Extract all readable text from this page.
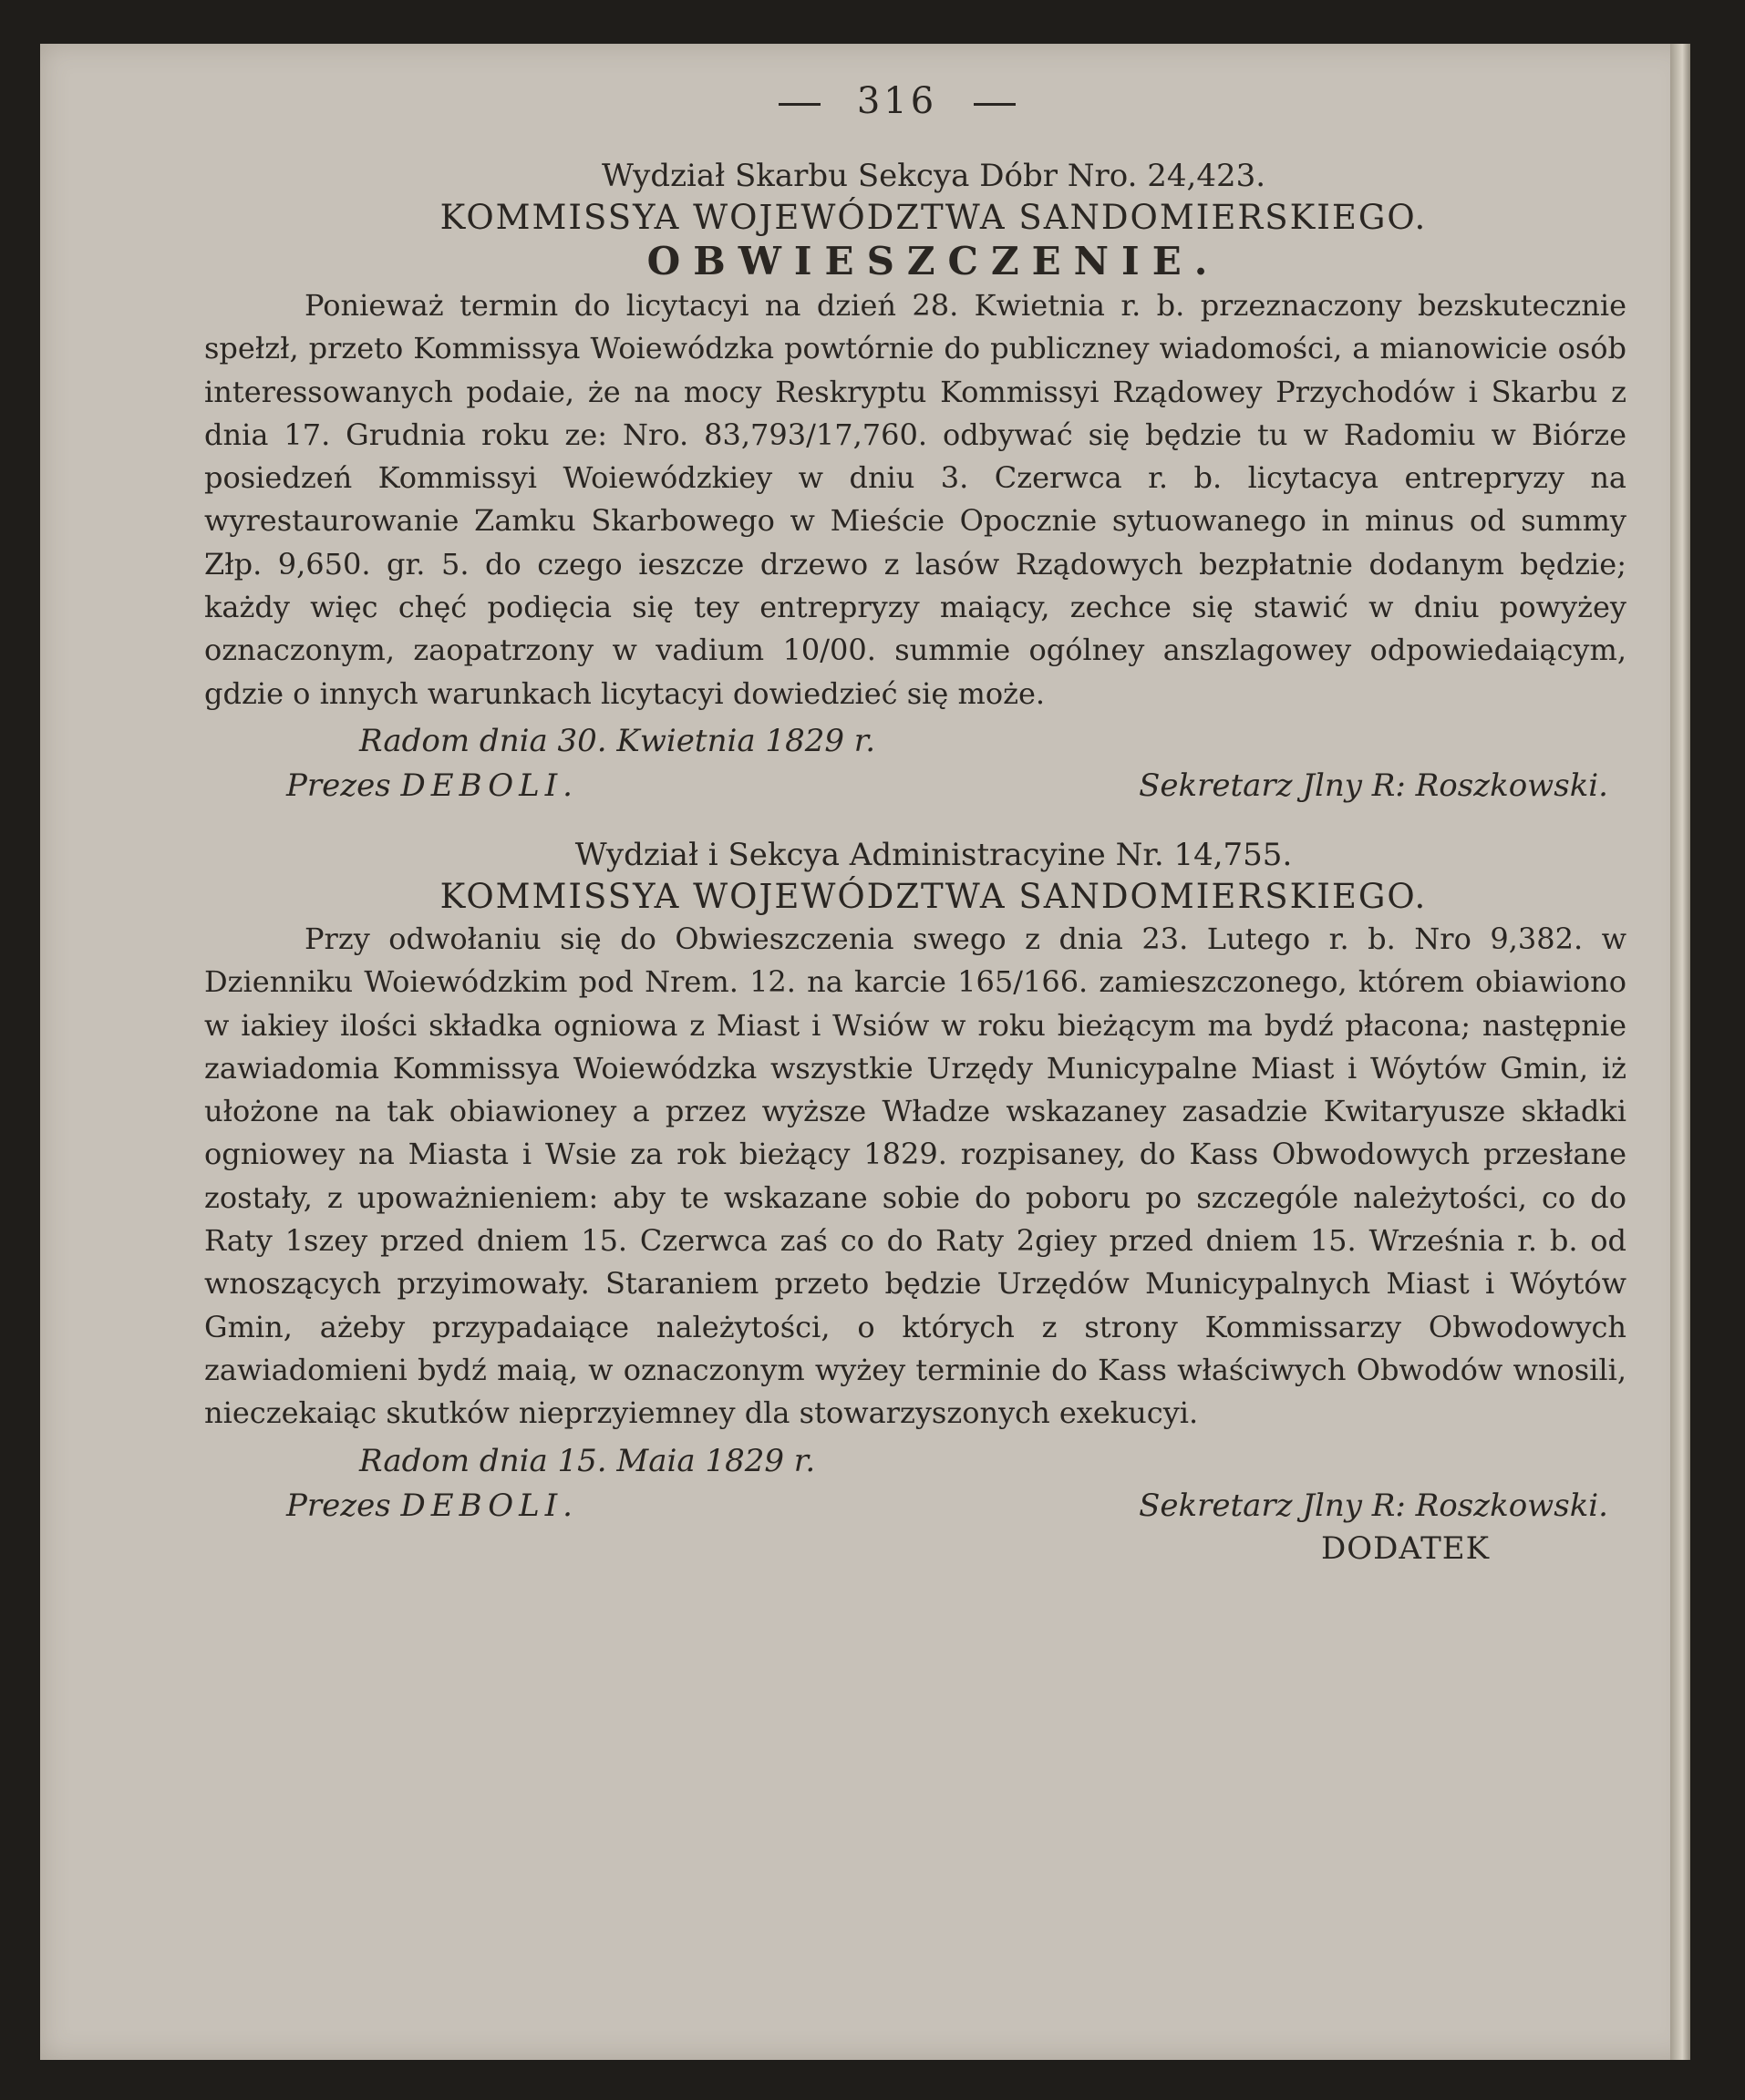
316
Wydział Skarbu Sekcya Dóbr Nro. 24,423.
KOMMISSYA WOJEWÓDZTWA SANDOMIERSKIEGO.
OBWIESZCZENIE.

Ponieważ termin do licytacyi na dzień 28. Kwietnia r. b. przeznaczony bezskutecznie spełzł, przeto Kommissya Woiewódzka powtórnie do publiczney wiadomości, a mianowicie osób interessowanych podaie, że na mocy Reskryptu Kommissyi Rządowey Przychodów i Skarbu z dnia 17. Grudnia roku ze: Nro. 83,793/17,760. odbywać się będzie tu w Radomiu w Biórze posiedzeń Kommissyi Woiewódzkiey w dniu 3. Czerwca r. b. licytacya entrepryzy na wyrestaurowanie Zamku Skarbowego w Mieście Opocznie sytuowanego in minus od summy Złp. 9,650. gr. 5. do czego ieszcze drzewo z lasów Rządowych bezpłatnie dodanym będzie; każdy więc chęć podięcia się tey entrepryzy maiący, zechce się stawić w dniu powyżey oznaczonym, zaopatrzony w vadium 10/00. summie ogólney anszlagowey odpowiedaiącym, gdzie o innych warunkach licytacyi dowiedzieć się może.

Radom dnia 30. Kwietnia 1829 r.
Prezes DEBOLI.	Sekretarz Jlny R: Roszkowski.
Wydział i Sekcya Administracyine Nr. 14,755.
KOMMISSYA WOJEWÓDZTWA SANDOMIERSKIEGO.

Przy odwołaniu się do Obwieszczenia swego z dnia 23. Lutego r. b. Nro 9,382. w Dzienniku Woiewódzkim pod Nrem. 12. na karcie 165/166. zamieszczonego, którem obiawiono w iakiey ilości składka ogniowa z Miast i Wsiów w roku bieżącym ma bydź płacona; następnie zawiadomia Kommissya Woiewódzka wszystkie Urzędy Municypalne Miast i Wóytów Gmin, iż ułożone na tak obiawioney a przez wyższe Władze wskazaney zasadzie Kwitaryusze składki ogniowey na Miasta i Wsie za rok bieżący 1829. rozpisaney, do Kass Obwodowych przesłane zostały, z upoważnieniem: aby te wskazane sobie do poboru po szczególe należytości, co do Raty 1szey przed dniem 15. Czerwca zaś co do Raty 2giey przed dniem 15. Września r. b. od wnoszących przyimowały. Staraniem przeto będzie Urzędów Municypalnych Miast i Wóytów Gmin, ażeby przypadaiące należytości, o których z strony Kommissarzy Obwodowych zawiadomieni bydź maią, w oznaczonym wyżey terminie do Kass właściwych Obwodów wnosili, nieczekaiąc skutków nieprzyiemney dla stowarzyszonych exekucyi.

Radom dnia 15. Maia 1829 r.
Prezes DEBOLI.	Sekretarz Jlny R: Roszkowski.
DODATEK
